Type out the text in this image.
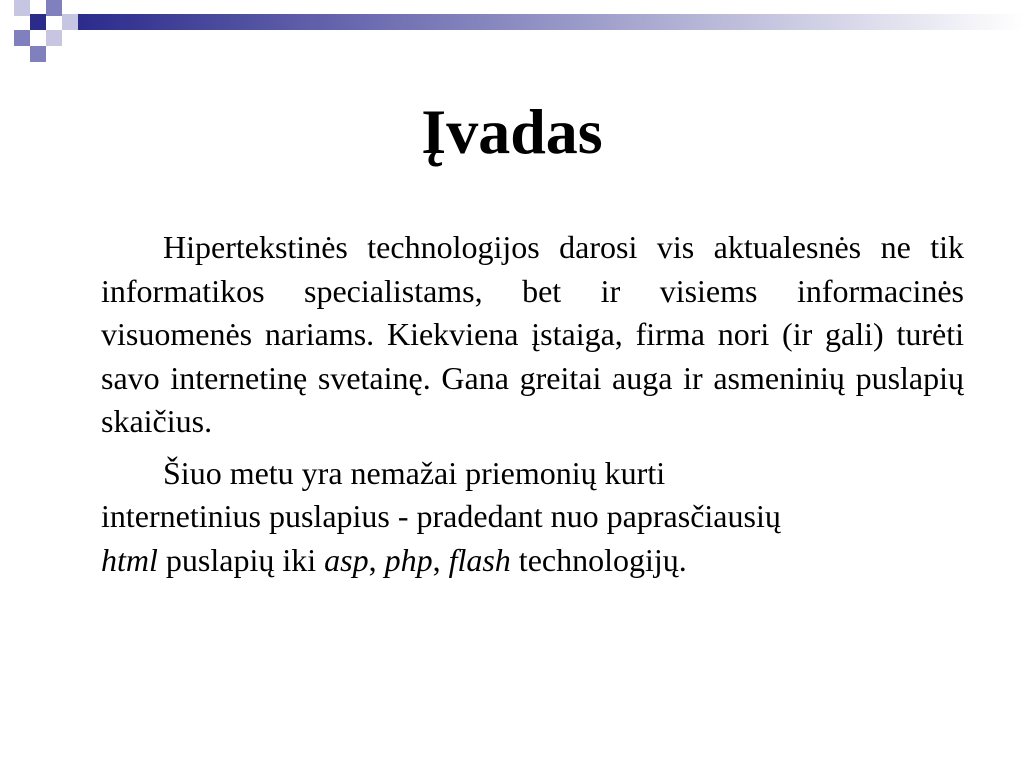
Įvadas

Hipertekstinės technologijos darosi vis aktualesnės ne tik informatikos specialistams, bet ir visiems informacinės visuomenės nariams. Kiekviena įstaiga, firma nori (ir gali) turėti savo internetinę svetainę. Gana greitai auga ir asmeninių puslapių skaičius.

Šiuo metu yra nemažai priemonių kurti
internetinius puslapius - pradedant nuo paprasčiausių
html puslapių iki asp, php, flash technologijų.
